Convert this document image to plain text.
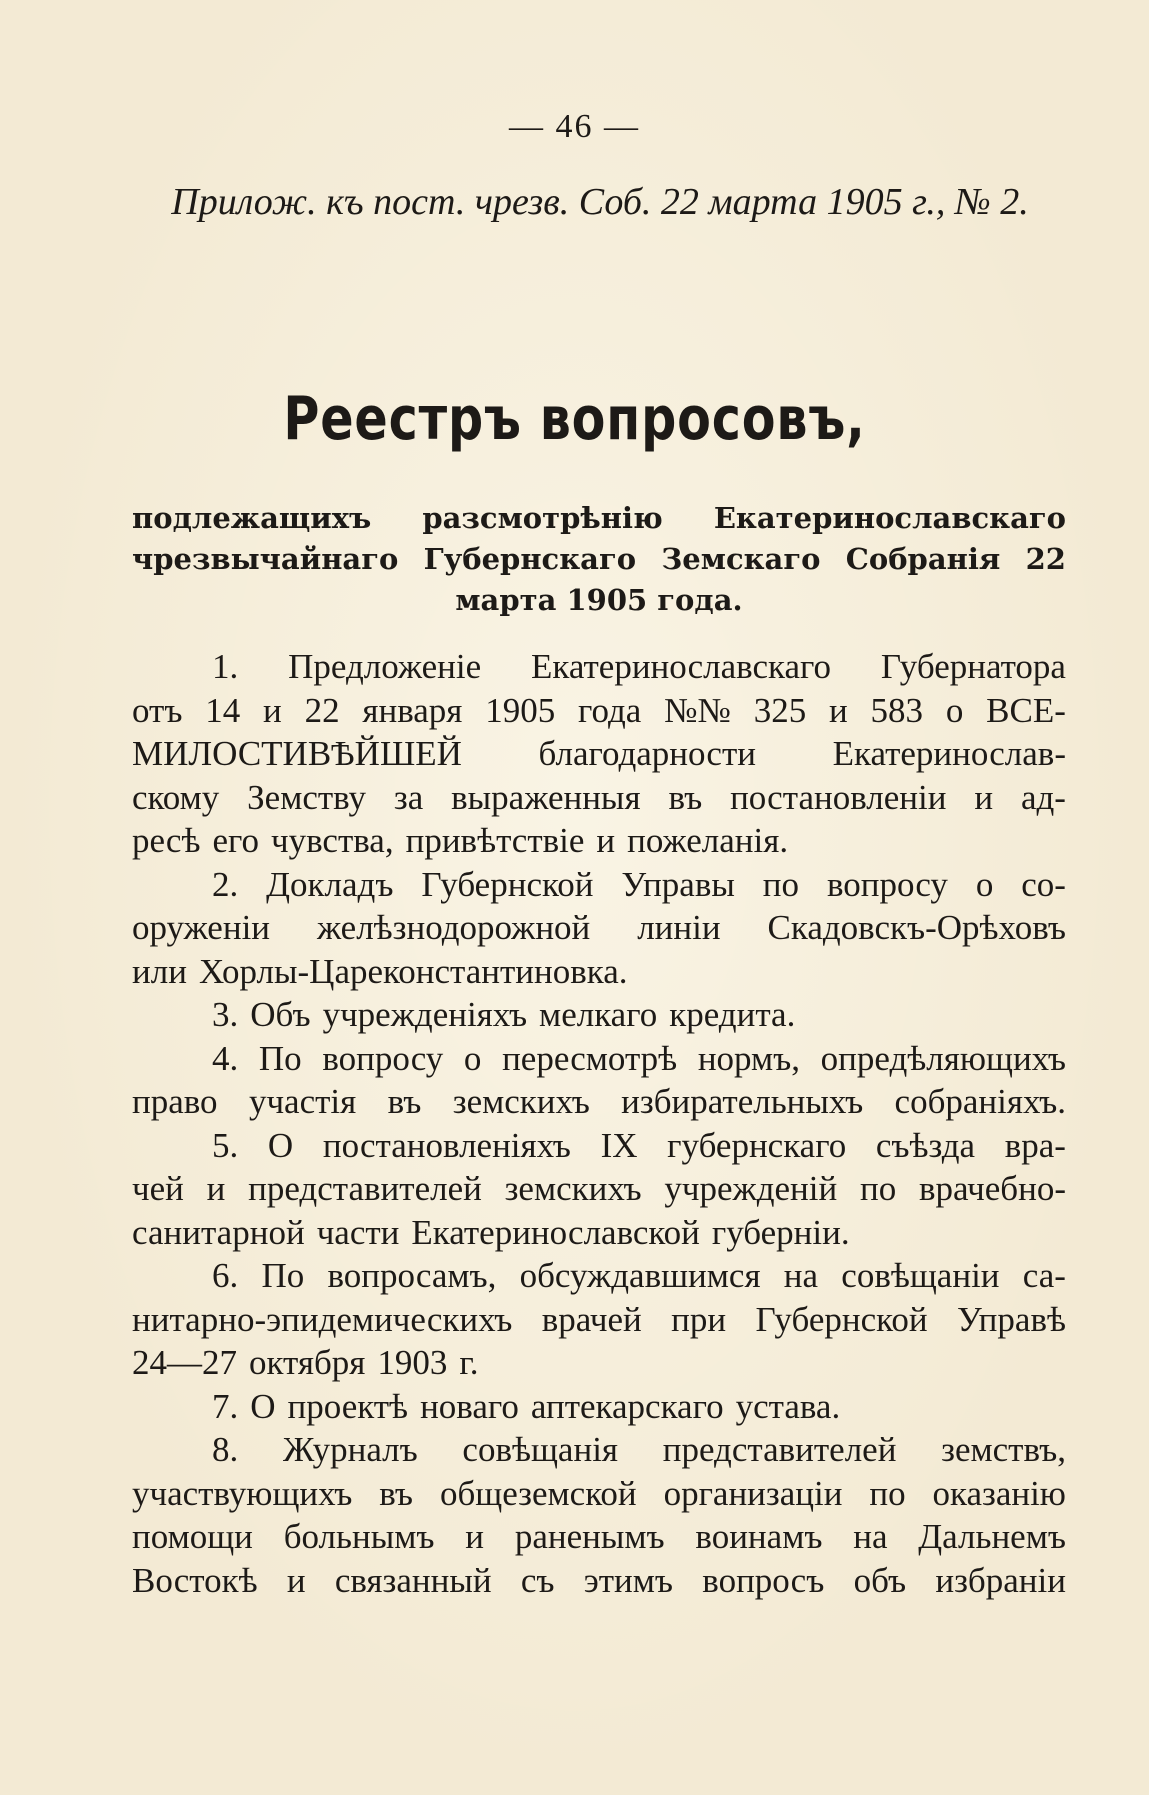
— 46 —
Прилож. къ пост. чрезв. Соб. 22 марта 1905 г., № 2.
Реестръ вопросовъ,
подлежащихъ разсмотрѣнію Екатеринославскаго
чрезвычайнаго Губернскаго Земскаго Собранія 22
марта 1905 года.
1. Предложеніе Екатеринославскаго Губернатора
отъ 14 и 22 января 1905 года №№ 325 и 583 о ВСЕ-
МИЛОСТИВѢЙШЕЙ благодарности Екатеринослав-
скому Земству за выраженныя въ постановленіи и ад-
ресѣ его чувства, привѣтствіе и пожеланія.
2. Докладъ Губернской Управы по вопросу о со-
оруженіи желѣзнодорожной линіи Скадовскъ-Орѣховъ
или Хорлы-Цареконстантиновка.
3. Объ учрежденіяхъ мелкаго кредита.
4. По вопросу о пересмотрѣ нормъ, опредѣляющихъ
право участія въ земскихъ избирательныхъ собраніяхъ.
5. О постановленіяхъ IX губернскаго съѣзда вра-
чей и представителей земскихъ учрежденій по врачебно-
санитарной части Екатеринославской губерніи.
6. По вопросамъ, обсуждавшимся на совѣщаніи са-
нитарно-эпидемическихъ врачей при Губернской Управѣ
24—27 октября 1903 г.
7. О проектѣ новаго аптекарскаго устава.
8. Журналъ совѣщанія представителей земствъ,
участвующихъ въ общеземской организаціи по оказанію
помощи больнымъ и раненымъ воинамъ на Дальнемъ
Востокѣ и связанный съ этимъ вопросъ объ избраніи
